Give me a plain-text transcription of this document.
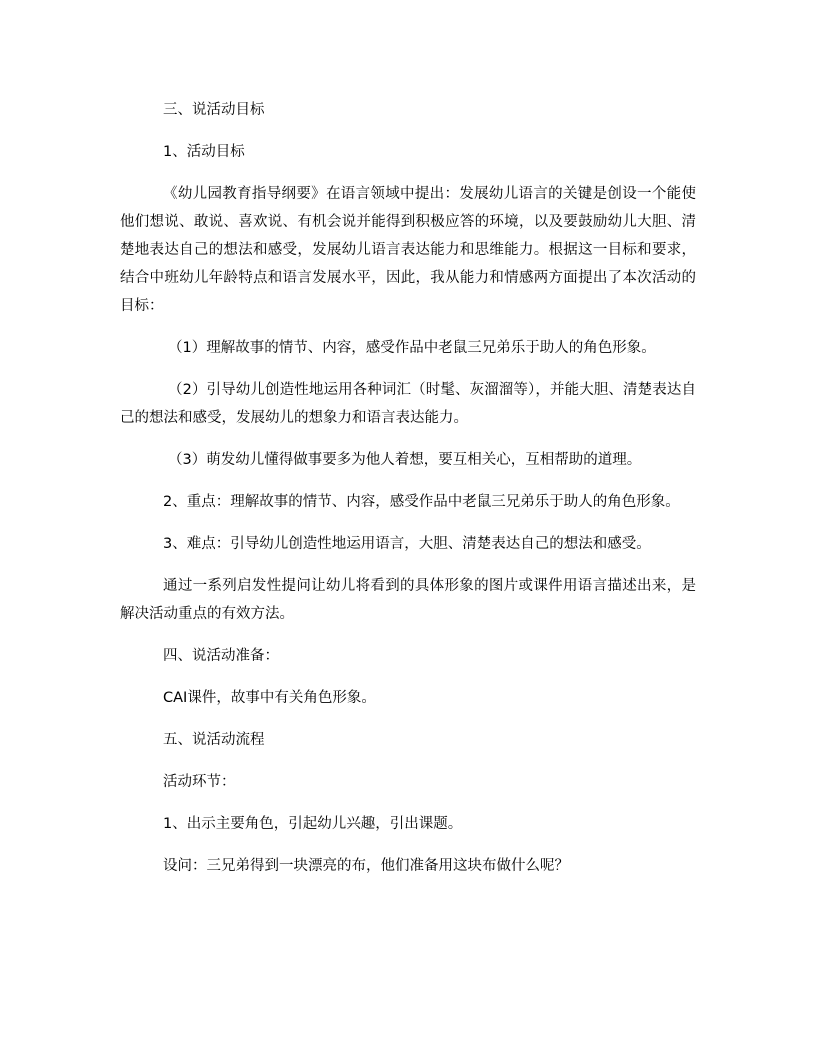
三、说活动目标

1、活动目标

《幼儿园教育指导纲要》在语言领域中提出：发展幼儿语言的关键是创设一个能使他们想说、敢说、喜欢说、有机会说并能得到积极应答的环境，以及要鼓励幼儿大胆、清楚地表达自己的想法和感受，发展幼儿语言表达能力和思维能力。根据这一目标和要求，结合中班幼儿年龄特点和语言发展水平，因此，我从能力和情感两方面提出了本次活动的目标：

（1）理解故事的情节、内容，感受作品中老鼠三兄弟乐于助人的角色形象。

（2）引导幼儿创造性地运用各种词汇（时髦、灰溜溜等），并能大胆、清楚表达自己的想法和感受，发展幼儿的想象力和语言表达能力。

（3）萌发幼儿懂得做事要多为他人着想，要互相关心，互相帮助的道理。

2、重点：理解故事的情节、内容，感受作品中老鼠三兄弟乐于助人的角色形象。

3、难点：引导幼儿创造性地运用语言，大胆、清楚表达自己的想法和感受。

通过一系列启发性提问让幼儿将看到的具体形象的图片或课件用语言描述出来，是解决活动重点的有效方法。

四、说活动准备：

CAI课件，故事中有关角色形象。

五、说活动流程

活动环节：

1、出示主要角色，引起幼儿兴趣，引出课题。

设问：三兄弟得到一块漂亮的布，他们准备用这块布做什么呢？
